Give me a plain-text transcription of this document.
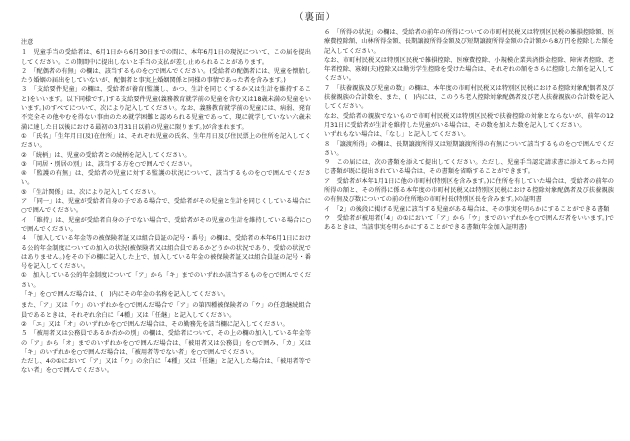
（裏面）

注意

１　児童手当の受給者は、6月1日から6月30日までの間に、本年6月1日の現況について、この届を提出してください。この期間中に提出しないと手当の支払が差し止められることがあります。

２　「配偶者の有無」の欄は、該当するものを○で囲んでください。(受給者の配偶者には、児童を懐胎したう婚姻の届出をしていないが、配偶者と事実上婚姻関係と同様の事情であった者を含みます。)

３　「支給要件児童」の欄は、受給者が養育(監護し、かつ、生計を同じくするか又は生計を維持すること)をいいます。以下同様です。)する支給要件児童(義務教育就学前の児童を含む又は18歳未満の児童をいいます。)のすべてについて、次により記入してください。なお、義務教育就学前の児童には、病弱、発育不完全その他やむを得ない事由のため就学困難と認められる児童であって、現に就学していない六歳未満に達した日以後における最初の3月31日以前の児童に限ります。)が含まれます。

①　「氏名」「生年月日(及)在住所」は、それぞれ児童の氏名、生年月日及び住民票上の住所を記入してください。

②　「続柄」は、児童の受給者との続柄を記入してください。

③　「同居・別居の別」は、該当する方を○で囲んでください。

④　「監護の有無」は、受給者の児童に対する監護の状況について、該当するものを○で囲んでください。

⑤　「生計関係」は、次により記入してください。

ア　「同一」は、児童が受給者自身の子である場合で、受給者がその児童と生計を同じくしている場合に○で囲んでください。

イ　「維持」は、児童が受給者自身の子でない場合で、受給者がその児童の生計を維持している場合に○で囲んでください。

４　「加入している年金等の被保険者証又は組合員証の記号・番号」の欄は、受給者の本年6月1日における公的年金制度についての加入の状況(被保険者又は組合員であるかどうかの状況であり、受給の状況ではありません。)をその下の欄に記入した上で、加入している年金の被保険者証又は組合員証の記号・番号を記入してください。

①　加入している公的年金制度について「ア」から「キ」までのいずれか該当するものを○で囲んでください。

「キ」を○で囲んだ場合は、(　)内にその年金の名称を記入してください。

また、「ア」又は「ウ」のいずれかを○で囲んだ場合で「ア」の第四種被保険者の「ウ」の任意継続組合員であるときは、それぞれ余白に「4種」又は「任継」と記入してください。

②　「エ」又は「オ」のいずれかを○で囲んだ場合は、その勤務先を該当欄に記入してください。

５　「被用者又は公務員であるか否かの別」の欄は、受給者について、その上の欄の加入している年金等の「ア」から「オ」までのいずれかを○で囲んだ場合は、「被用者又は公務員」を○で囲み、「カ」又は「キ」のいずれかを○で囲んだ場合は、「被用者等でない者」を○で囲んでください。

ただし、4の①において「ア」又は「ウ」の余白に「4種」又は「任継」と記入した場合は、「被用者等でない者」を○で囲んでください。

６　「所得の状況」の欄は、受給者の前年の所得についての市町村民税又は特別区民税の雑損控除額、医療費控除額、山林所得金額、長期譲渡所得金額及び短期譲渡所得金額の合計額から8万円を控除した額を記入してください。

なお、市町村民税又は特別区民税で雑損控除、医療費控除、小規模企業共済掛金控除、障害者控除、老年者控除、寡婦(夫)控除又は勤労学生控除を受けた場合は、それぞれの額をさらに控除した額を記入してください。

７　「扶養親族及び児童の数」の欄は、本年度の市町村民税又は特別区民税における控除対象配偶者及び扶養親族の合計数を、また、(　)内には、このうち老人控除対象配偶者及び老人扶養親族の合計数を記入してください。

なお、受給者の親族でないもので市町村民税又は特別区民税で扶養控除の対象とならないが、前年の12月31日に受給者が生計を維持した児童がいる場合は、その数を加えた数を記入してください。

いずれもない場合は、「なし」と記入してください。

８　「譲渡所得」の欄は、長期譲渡所得又は短期譲渡所得の有無について該当するものを○で囲んでください。

９　この届には、次の書類を添えて提出してください。ただし、児童手当認定請求書に添えてあった同じ書類が既に提出されている場合は、その書類を省略することができます。

ア　受給者が本年1月1日に他の市町村(特別区を含みます。)に住所を有していた場合は、受給者の前年の所得の額と、その所得に係る本年度の市町村民税又は特別区民税における控除対象配偶者及び扶養親族の有無及び数についての前の住所地の市町村長(特別区長を含みます。)の証明書

イ　「2」の後段に掲げる児童に該当する児童がある場合は、その事実を明らかにすることができる書類

ウ　受給者が被用者(「4」の①において「ア」から「ウ」までのいずれかを○で囲んだ者をいいます。)であるときは、当該事実を明らかにすることができる書類(年金加入証明書)
